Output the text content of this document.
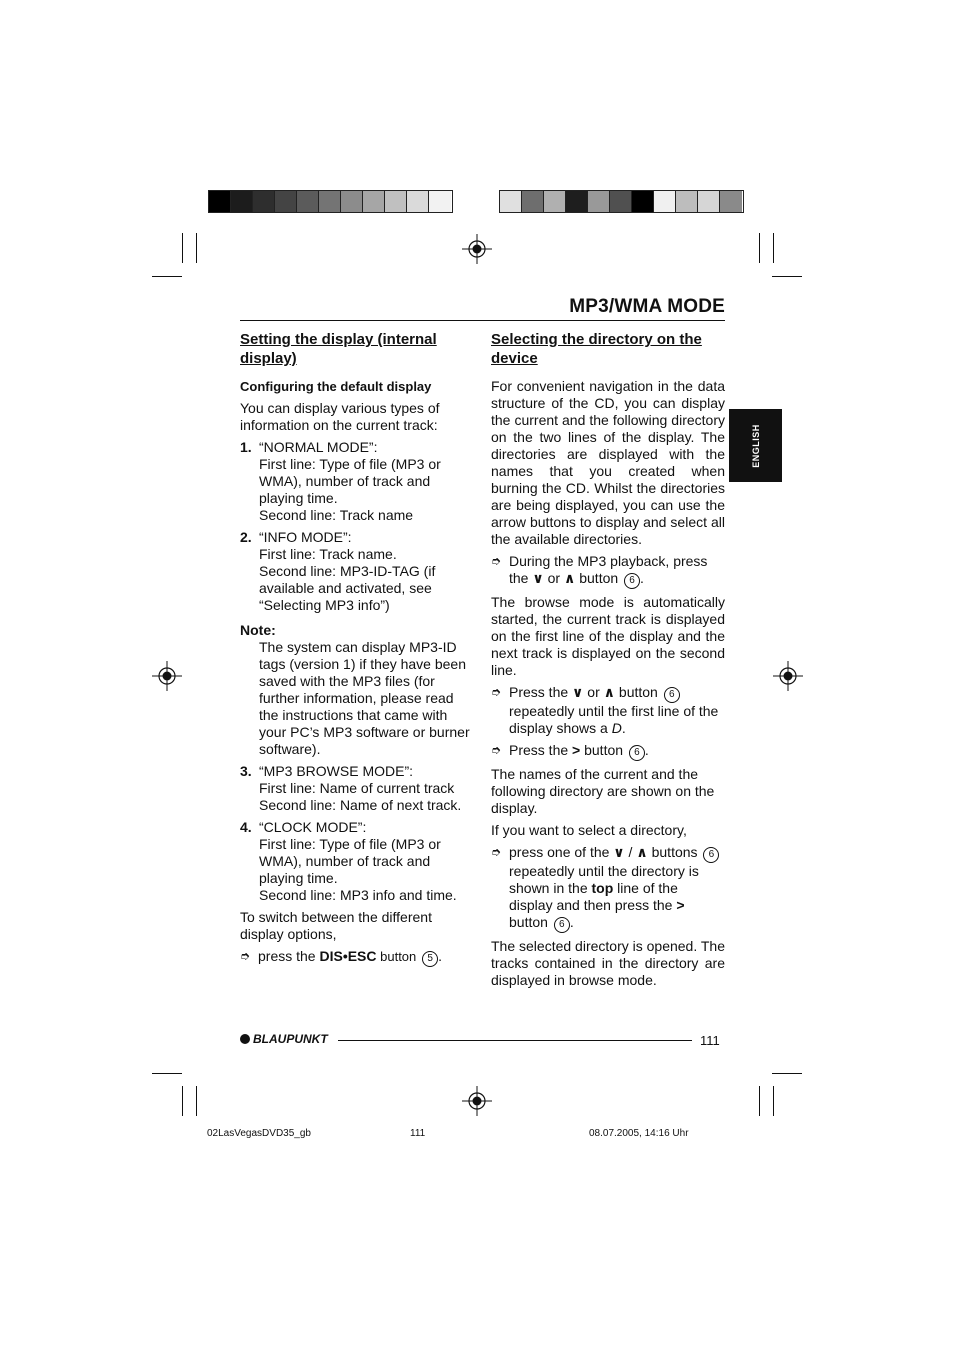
MP3/WMA MODE
ENGLISH
Setting the display (internal display)
Configuring the default display
You can display various types of information on the current track:
1. “NORMAL MODE”:
First line: Type of file (MP3 or WMA), number of track and playing time.
Second line: Track name
2. “INFO MODE”:
First line: Track name.
Second line: MP3-ID-TAG (if available and activated, see “Selecting MP3 info”)
Note:
The system can display MP3-ID tags (version 1) if they have been saved with the MP3 files (for further information, please read the instructions that came with your PC’s MP3 software or burner software).
3. “MP3 BROWSE MODE”:
First line: Name of current track
Second line: Name of next track.
4. “CLOCK MODE”:
First line: Type of file (MP3 or WMA), number of track and playing time.
Second line: MP3 info and time.
To switch between the different display options,
➮ press the DIS•ESC button 5 .
Selecting the directory on the device
For convenient navigation in the data structure of the CD, you can display the current and the following directory on the two lines of the display. The directories are displayed with the names that you created when burning the CD. Whilst the directories are being displayed, you can use the arrow buttons to display and select all the available directories.
➮ During the MP3 playback, press the ∨ or ∧ button 6 .
The browse mode is automatically started, the current track is displayed on the first line of the display and the next track is displayed on the second line.
➮ Press the ∨ or ∧ button 6 repeatedly until the first line of the display shows a D.
➮ Press the > button 6 .
The names of the current and the following directory are shown on the display.
If you want to select a directory,
➮ press one of the ∨ / ∧ buttons 6 repeatedly until the directory is shown in the top line of the display and then press the > button 6 .
The selected directory is opened. The tracks contained in the directory are displayed in browse mode.
BLAUPUNKT	111
02LasVegasDVD35_gb	111	08.07.2005, 14:16 Uhr
